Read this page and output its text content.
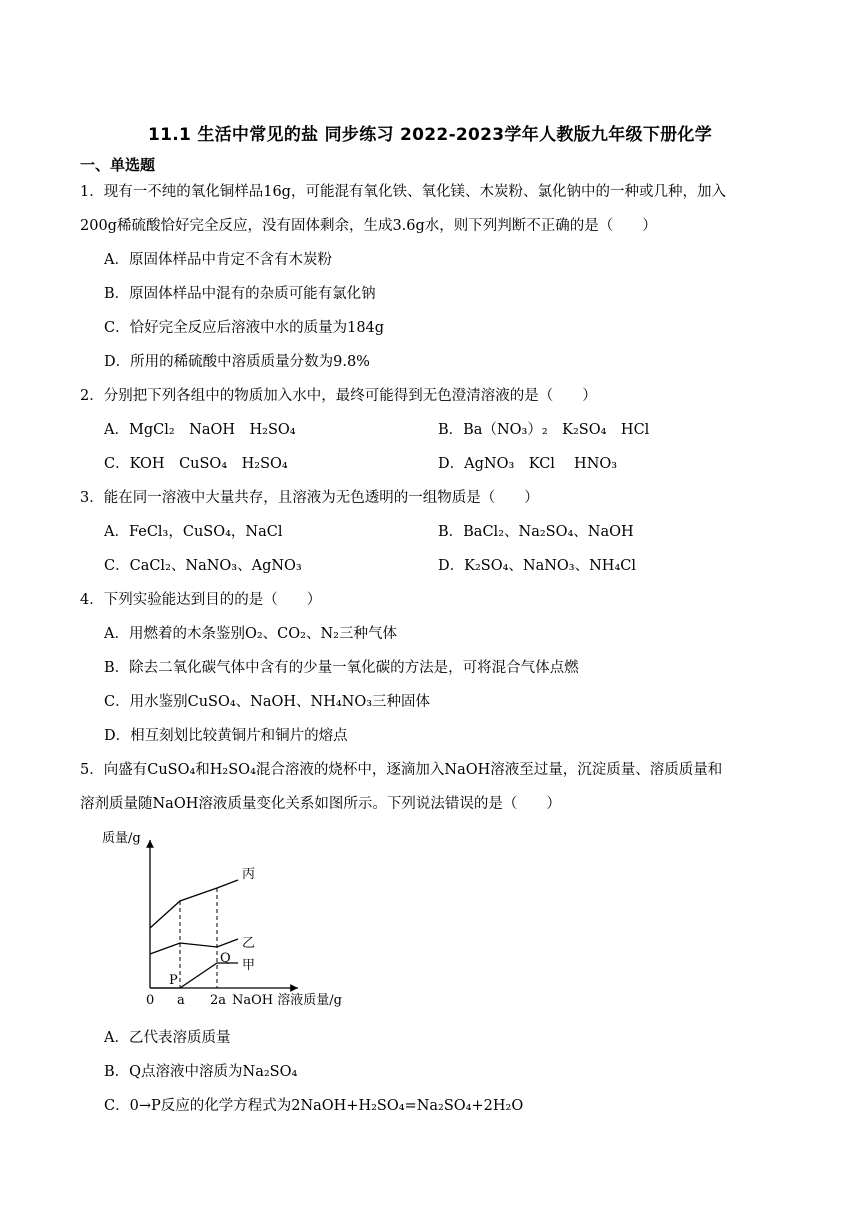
11.1 生活中常见的盐 同步练习 2022-2023学年人教版九年级下册化学
一、单选题
1．现有一不纯的氧化铜样品16g，可能混有氧化铁、氧化镁、木炭粉、氯化钠中的一种或几种，加入
200g稀硫酸恰好完全反应，没有固体剩余，生成3.6g水，则下列判断不正确的是（　　）
A．原固体样品中肯定不含有木炭粉
B．原固体样品中混有的杂质可能有氯化钠
C．恰好完全反应后溶液中水的质量为184g
D．所用的稀硫酸中溶质质量分数为9.8%
2．分别把下列各组中的物质加入水中，最终可能得到无色澄清溶液的是（　　）
A．MgCl₂　NaOH　H₂SO₄	B．Ba（NO₃）₂　K₂SO₄　HCl
C．KOH　CuSO₄　H₂SO₄	D．AgNO₃　KCl　 HNO₃
3．能在同一溶液中大量共存，且溶液为无色透明的一组物质是（　　）
A．FeCl₃，CuSO₄，NaCl	B．BaCl₂、Na₂SO₄、NaOH
C．CaCl₂、NaNO₃、AgNO₃	D．K₂SO₄、NaNO₃、NH₄Cl
4．下列实验能达到目的的是（　　）
A．用燃着的木条鉴别O₂、CO₂、N₂三种气体
B．除去二氧化碳气体中含有的少量一氧化碳的方法是，可将混合气体点燃
C．用水鉴别CuSO₄、NaOH、NH₄NO₃三种固体
D．相互刻划比较黄铜片和铜片的熔点
5．向盛有CuSO₄和H₂SO₄混合溶液的烧杯中，逐滴加入NaOH溶液至过量，沉淀质量、溶质质量和
溶剂质量随NaOH溶液质量变化关系如图所示。下列说法错误的是（　　）
质量/g
丙
乙
甲
P
Q
0 a 2a NaOH 溶液质量/g
A．乙代表溶质质量
B．Q点溶液中溶质为Na₂SO₄
C．0→P反应的化学方程式为2NaOH+H₂SO₄=Na₂SO₄+2H₂O
